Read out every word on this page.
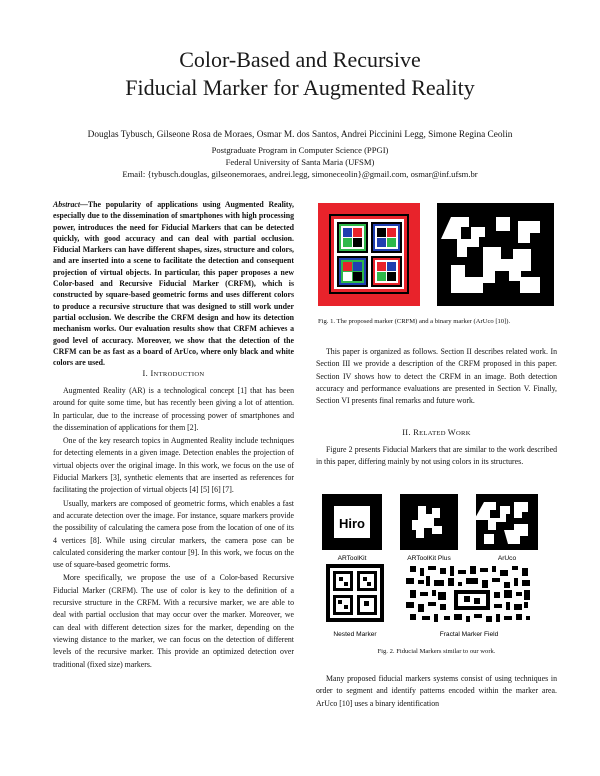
Color-Based and Recursive
Fiducial Marker for Augmented Reality
Douglas Tybusch, Gilseone Rosa de Moraes, Osmar M. dos Santos, Andrei Piccinini Legg, Simone Regina Ceolin
Postgraduate Program in Computer Science (PPGI)
Federal University of Santa Maria (UFSM)
Email: {tybusch.douglas, gilseonemoraes, andrei.legg, simoneceolin}@gmail.com, osmar@inf.ufsm.br
Abstract—The popularity of applications using Augmented Reality, especially due to the dissemination of smartphones with high processing power, introduces the need for Fiducial Markers that can be detected quickly, with good accuracy and can deal with partial occlusion. Fiducial Markers can have different shapes, sizes, structure and colors, and are inserted into a scene to facilitate the detection and consequent projection of virtual objects. In particular, this paper proposes a new Color-based and Recursive Fiducial Marker (CRFM), which is constructed by square-based geometric forms and uses different colors to produce a recursive structure that was designed to still work under partial occlusion. We describe the CRFM design and how its detection mechanism works. Our evaluation results show that CRFM achieves a good level of accuracy. Moreover, we show that the detection of the CRFM can be as fast as a board of ArUco, where only black and white colors are used.
I. INTRODUCTION

Augmented Reality (AR) is a technological concept [1] that has been around for quite some time, but has recently been giving a lot of attention. In particular, due to the increase of processing power of smartphones and the dissemination of applications for them [2].

One of the key research topics in Augmented Reality include techniques for detecting elements in a given image. Detection enables the projection of virtual objects over the original image. In this work, we focus on the use of Fiducial Markers [3], synthetic elements that are inserted as references for facilitating the projection of virtual objects [4] [5] [6] [7].

Usually, markers are composed of geometric forms, which enables a fast and accurate detection over the image. For instance, square markers provide the possibility of calculating the camera pose from the location of one of its 4 vertices [8]. While using circular markers, the camera pose can be calculated considering the marker contour [9]. In this work, we focus on the use of square-based geometric forms.

More specifically, we propose the use of a Color-based Recursive Fiducial Marker (CRFM). The use of color is key to the definition of a recursive structure in the CRFM. With a recursive marker, we are able to deal with partial occlusion that may occur over the marker. Moreover, we can deal with different detection sizes for the marker, depending on the viewing distance to the marker, we can focus on the detection of different levels of the recursive marker. This provide an optimized detection over traditional (fixed size) markers.

Fig. 1. The proposed marker (CRFM) and a binary marker (ArUco [10]).

This paper is organized as follows. Section II describes related work. In Section III we provide a description of the CRFM proposed in this paper. Section IV shows how to detect the CRFM in an image. Both detection accuracy and performance evaluations are presented in Section V. Finally, Section VI presents final remarks and future work.

II. RELATED WORK

Figure 2 presents Fiducial Markers that are similar to the work described in this paper, differing mainly by not using colors in its structures.

Hiro
ARToolKit	ARToolKit Plus	ArUco
Nested Marker	Fractal Marker Field
Fig. 2. Fiducial Markers similar to our work.

Many proposed fiducial markers systems consist of using techniques in order to segment and identify patterns encoded within the marker area. ArUco [10] uses a binary identification
